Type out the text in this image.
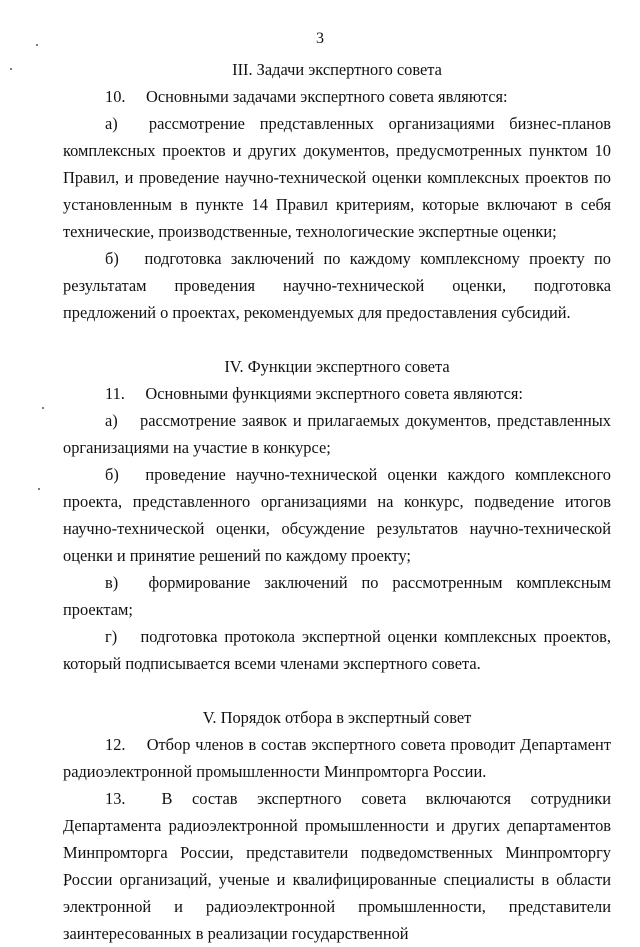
3
III. Задачи экспертного совета

10.  Основными задачами экспертного совета являются:

а)  рассмотрение представленных организациями бизнес-планов комплексных проектов и других документов, предусмотренных пунктом 10 Правил, и проведение научно-технической оценки комплексных проектов по установленным в пункте 14 Правил критериям, которые включают в себя технические, производственные, технологические экспертные оценки;

б)  подготовка заключений по каждому комплексному проекту по результатам проведения научно-технической оценки, подготовка предложений о проектах, рекомендуемых для предоставления субсидий.

IV. Функции экспертного совета

11.  Основными функциями экспертного совета являются:

а)  рассмотрение заявок и прилагаемых документов, представленных организациями на участие в конкурсе;

б)  проведение научно-технической оценки каждого комплексного проекта, представленного организациями на конкурс, подведение итогов научно-технической оценки, обсуждение результатов научно-технической оценки и принятие решений по каждому проекту;

в)  формирование заключений по рассмотренным комплексным проектам;

г)  подготовка протокола экспертной оценки комплексных проектов, который подписывается всеми членами экспертного совета.

V. Порядок отбора в экспертный совет

12.  Отбор членов в состав экспертного совета проводит Департамент радиоэлектронной промышленности Минпромторга России.

13.  В состав экспертного совета включаются сотрудники Департамента радиоэлектронной промышленности и других департаментов Минпромторга России, представители подведомственных Минпромторгу России организаций, ученые и квалифицированные специалисты в области электронной и радиоэлектронной промышленности, представители заинтересованных в реализации государственной
